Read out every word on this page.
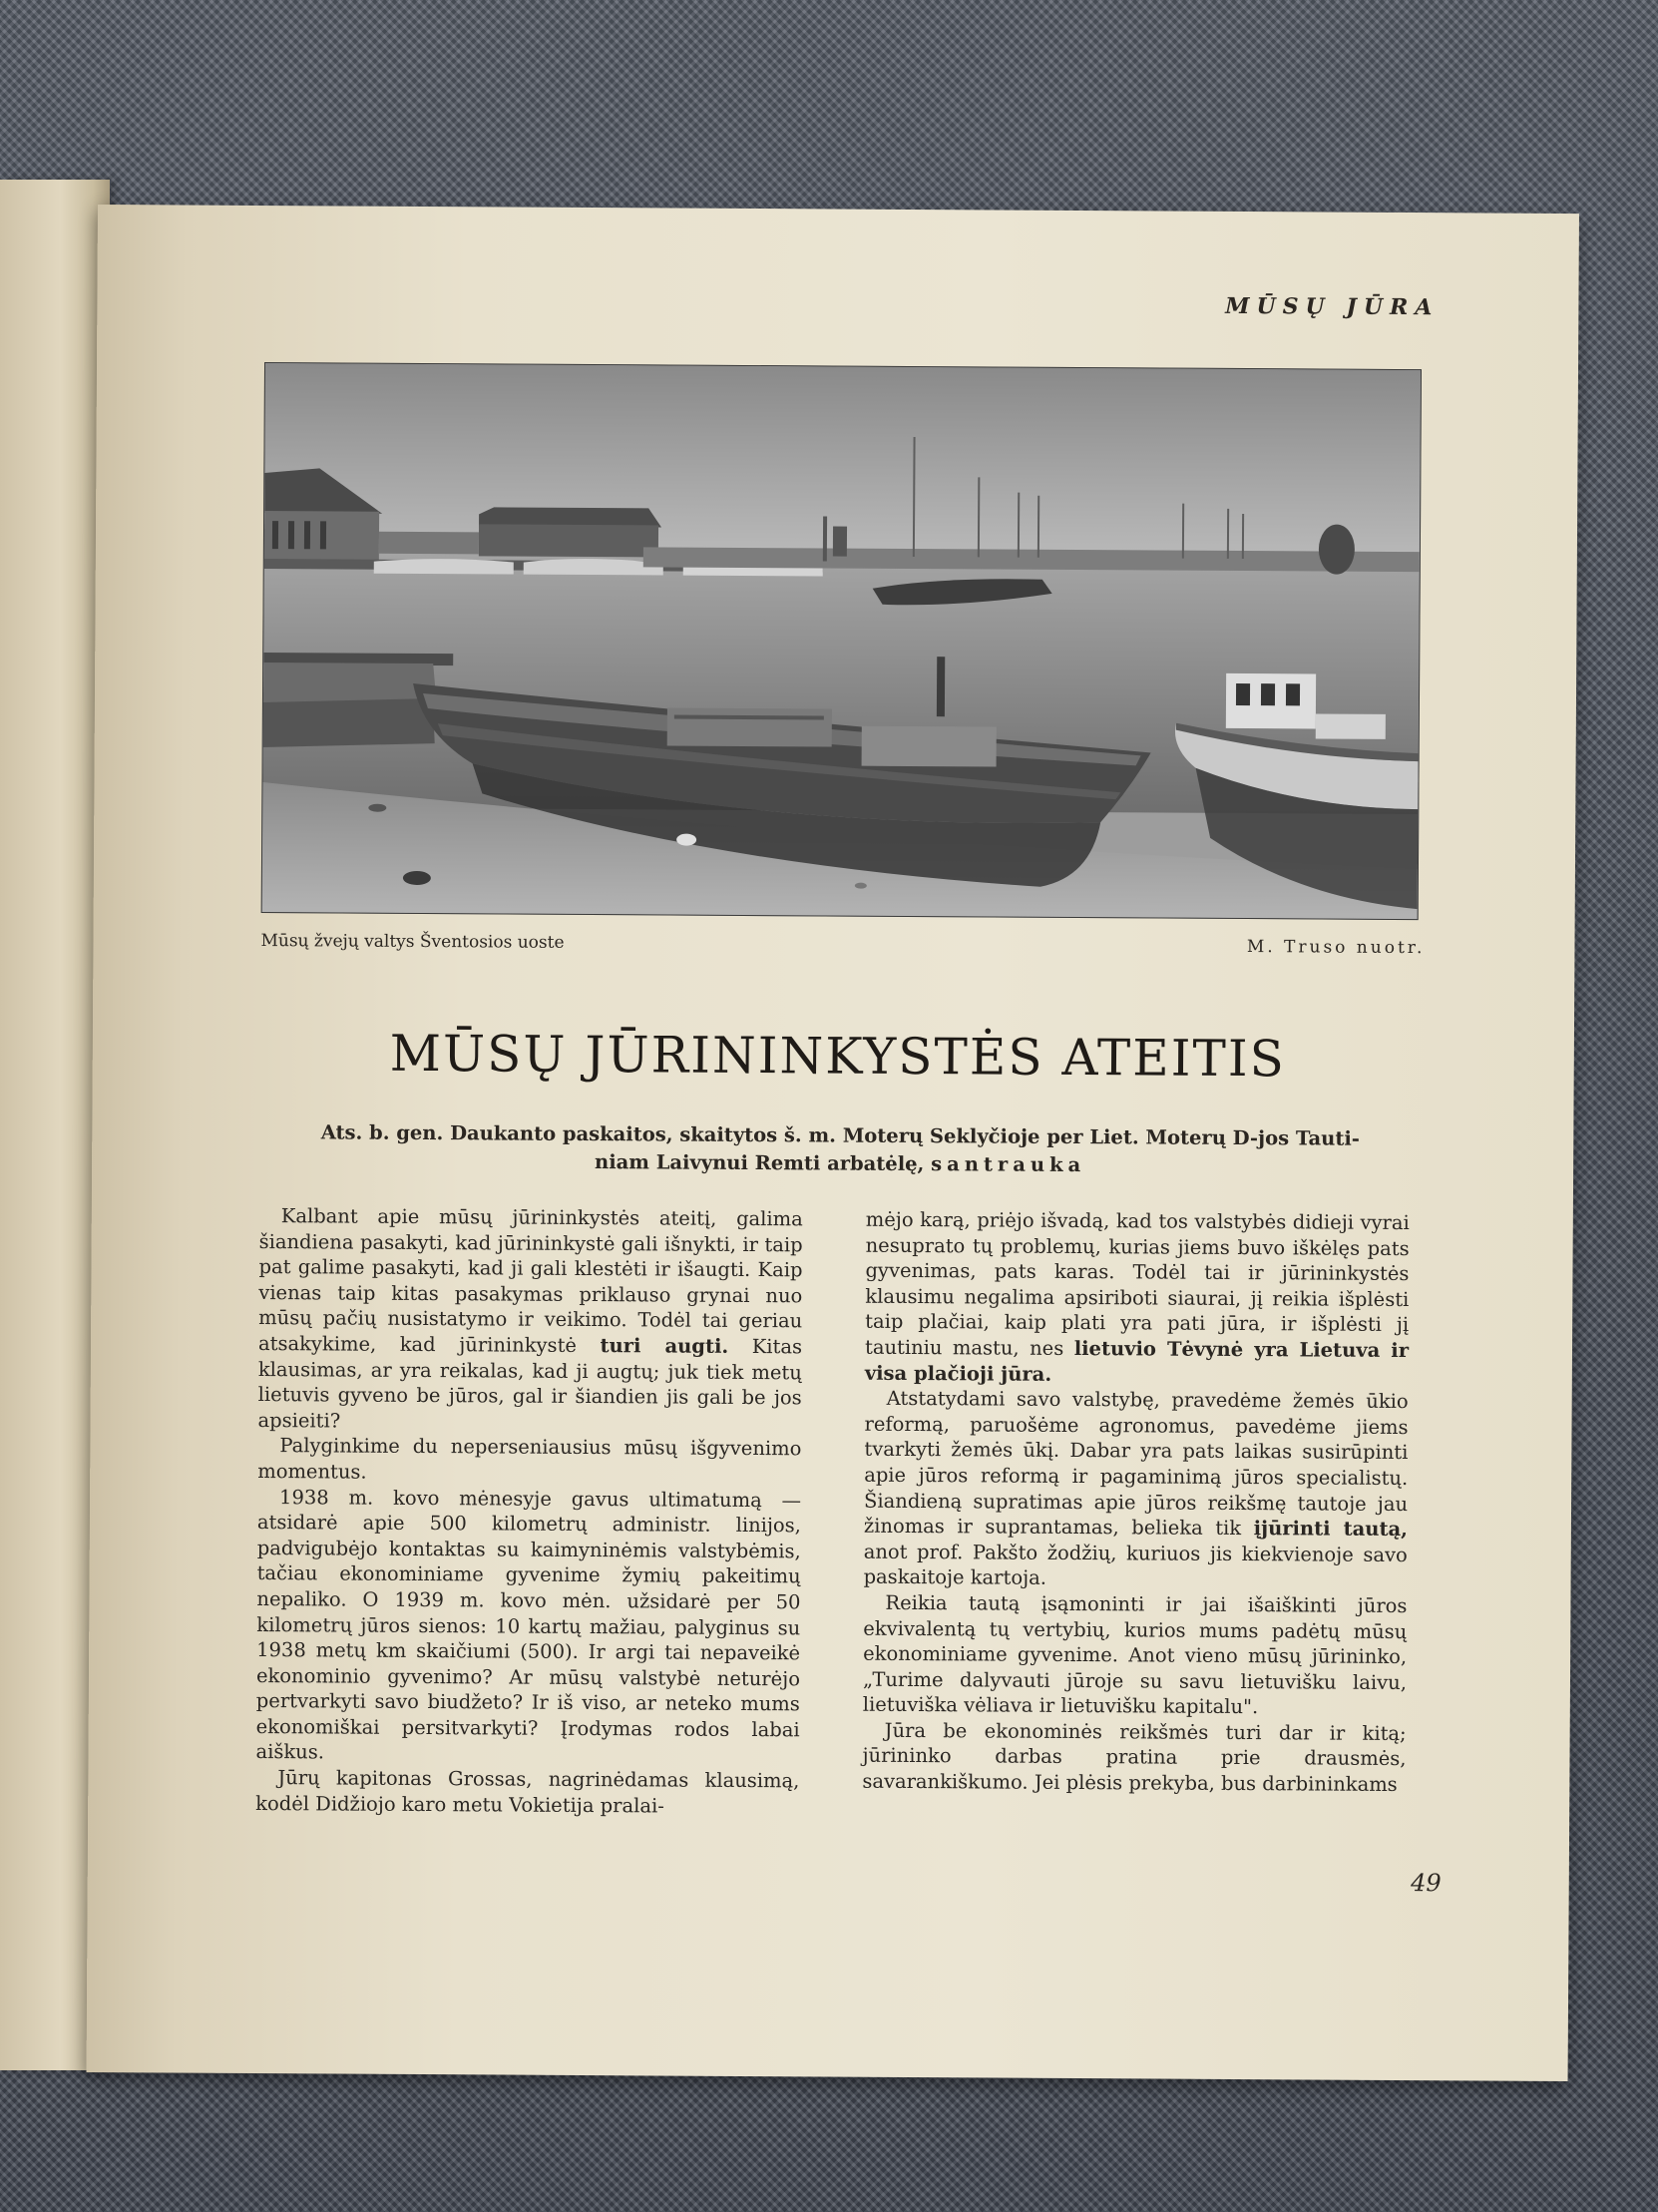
MŪSŲ JŪRA
Mūsų žvejų valtys Šventosios uoste	M. Truso nuotr.
MŪSŲ JŪRININKYSTĖS ATEITIS
Ats. b. gen. Daukanto paskaitos, skaitytos š. m. Moterų Seklyčioje per Liet. Moterų D-jos Tauti-
niam Laivynui Remti arbatėlę, santrauka

Kalbant apie mūsų jūrininkystės ateitį, galima šiandiena pasakyti, kad jūrininkystė gali išnykti, ir taip pat galime pasakyti, kad ji gali klestėti ir išaugti. Kaip vienas taip kitas pasakymas priklauso grynai nuo mūsų pačių nusistatymo ir veikimo. Todėl tai geriau atsakykime, kad jūrininkystė turi augti. Kitas klausimas, ar yra reikalas, kad ji augtų; juk tiek metų lietuvis gyveno be jūros, gal ir šiandien jis gali be jos apsieiti?

Palyginkime du neperseniausius mūsų išgyvenimo momentus.

1938 m. kovo mėnesyje gavus ultimatumą — atsidarė apie 500 kilometrų administr. linijos, padvigubėjo kontaktas su kaimyninėmis valstybėmis, tačiau ekonominiame gyvenime žymių pakeitimų nepaliko. O 1939 m. kovo mėn. užsidarė per 50 kilometrų jūros sienos: 10 kartų mažiau, palyginus su 1938 metų km skaičiumi (500). Ir argi tai nepaveikė ekonominio gyvenimo? Ar mūsų valstybė neturėjo pertvarkyti savo biudžeto? Ir iš viso, ar neteko mums ekonomiškai persitvarkyti? Įrodymas rodos labai aiškus.

Jūrų kapitonas Grossas, nagrinėdamas klausimą, kodėl Didžiojo karo metu Vokietija pralai-

mėjo karą, priėjo išvadą, kad tos valstybės didieji vyrai nesuprato tų problemų, kurias jiems buvo iškėlęs pats gyvenimas, pats karas. Todėl tai ir jūrininkystės klausimu negalima apsiriboti siaurai, jį reikia išplėsti taip plačiai, kaip plati yra pati jūra, ir išplėsti jį tautiniu mastu, nes lietuvio Tėvynė yra Lietuva ir visa plačioji jūra.

Atstatydami savo valstybę, pravedėme žemės ūkio reformą, paruošėme agronomus, pavedėme jiems tvarkyti žemės ūkį. Dabar yra pats laikas susirūpinti apie jūros reformą ir pagaminimą jūros specialistų. Šiandieną supratimas apie jūros reikšmę tautoje jau žinomas ir suprantamas, belieka tik įjūrinti tautą, anot prof. Pakšto žodžių, kuriuos jis kiekvienoje savo paskaitoje kartoja.

Reikia tautą įsąmoninti ir jai išaiškinti jūros ekvivalentą tų vertybių, kurios mums padėtų mūsų ekonominiame gyvenime. Anot vieno mūsų jūrininko, „Turime dalyvauti jūroje su savu lietuvišku laivu, lietuviška vėliava ir lietuvišku kapitalu".

Jūra be ekonominės reikšmės turi dar ir kitą; jūrininko darbas pratina prie drausmės, savarankiškumo. Jei plėsis prekyba, bus darbininkams

49
